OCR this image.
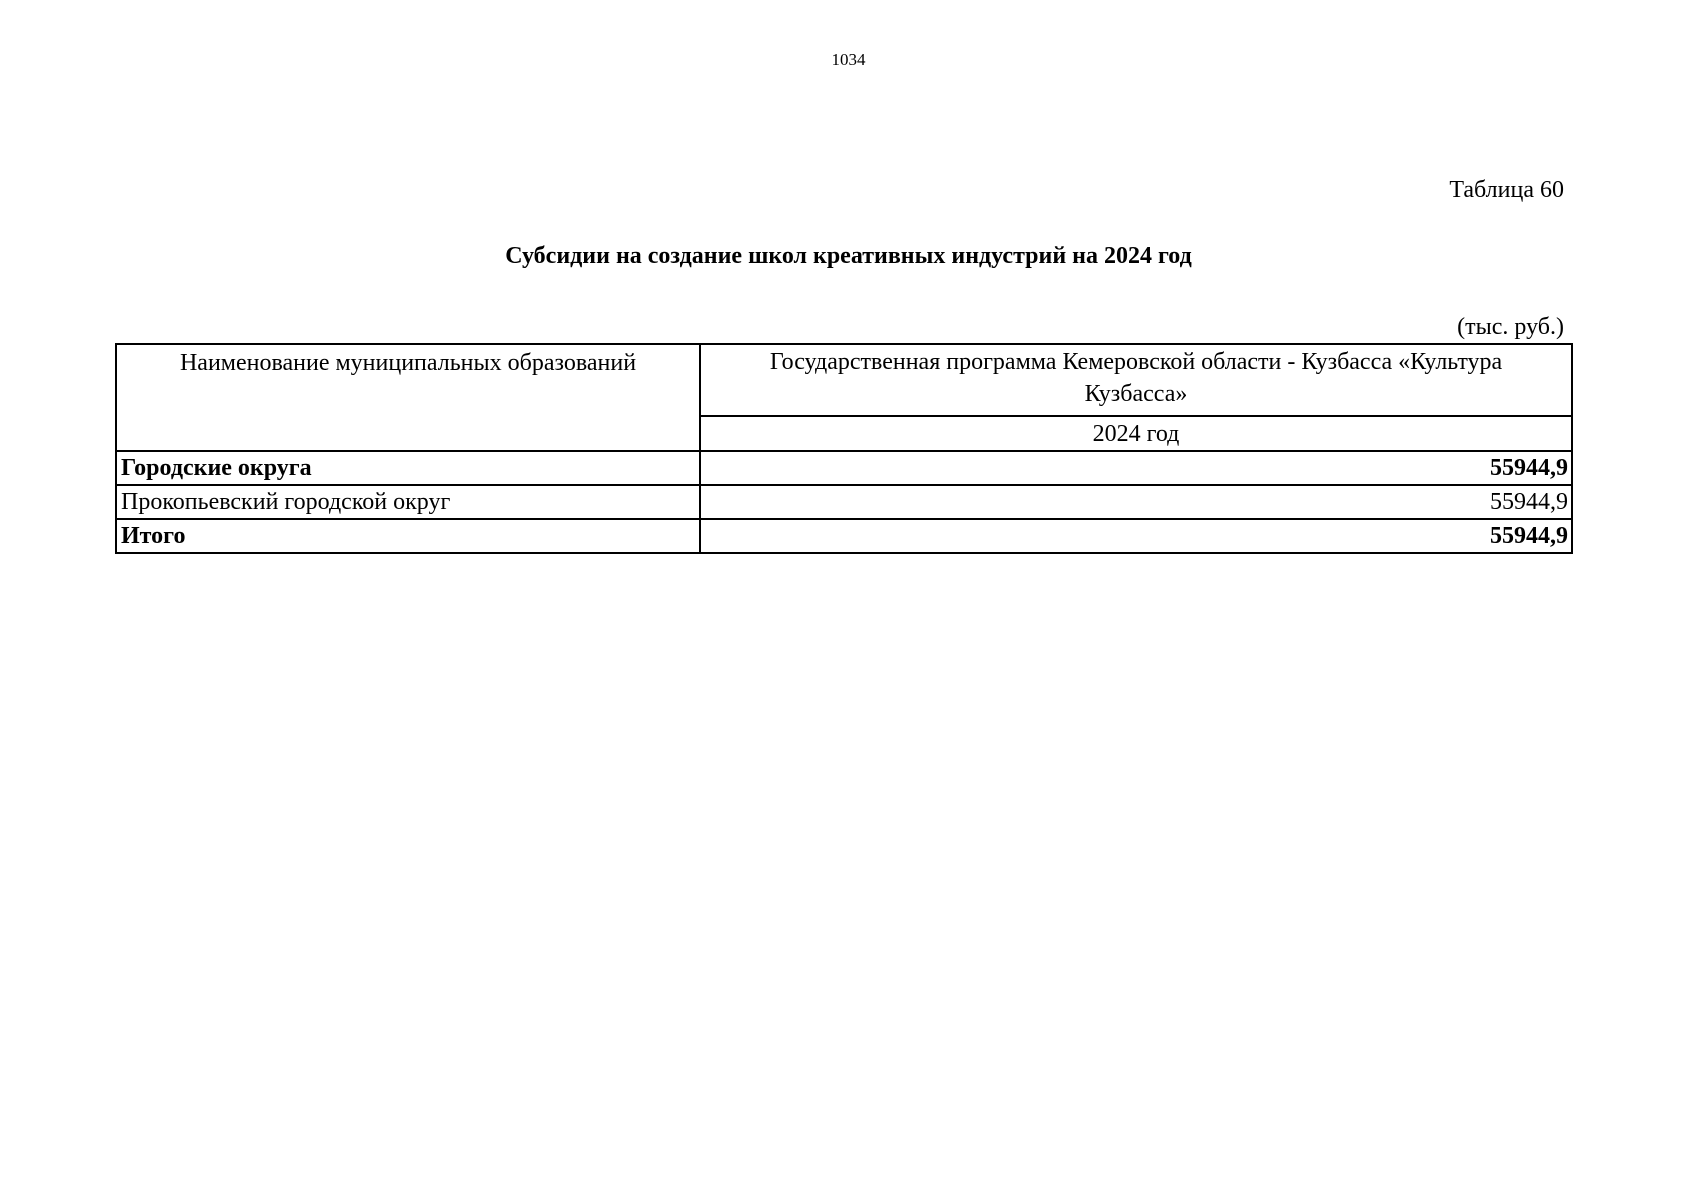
1034
Таблица 60
Субсидии на создание школ креативных индустрий на 2024 год
(тыс. руб.)
Наименование муниципальных образований	Государственная программа Кемеровской области - Кузбасса «Культура Кузбасса»
	2024 год
Городские округа	55944,9
Прокопьевский городской округ	55944,9
Итого	55944,9
